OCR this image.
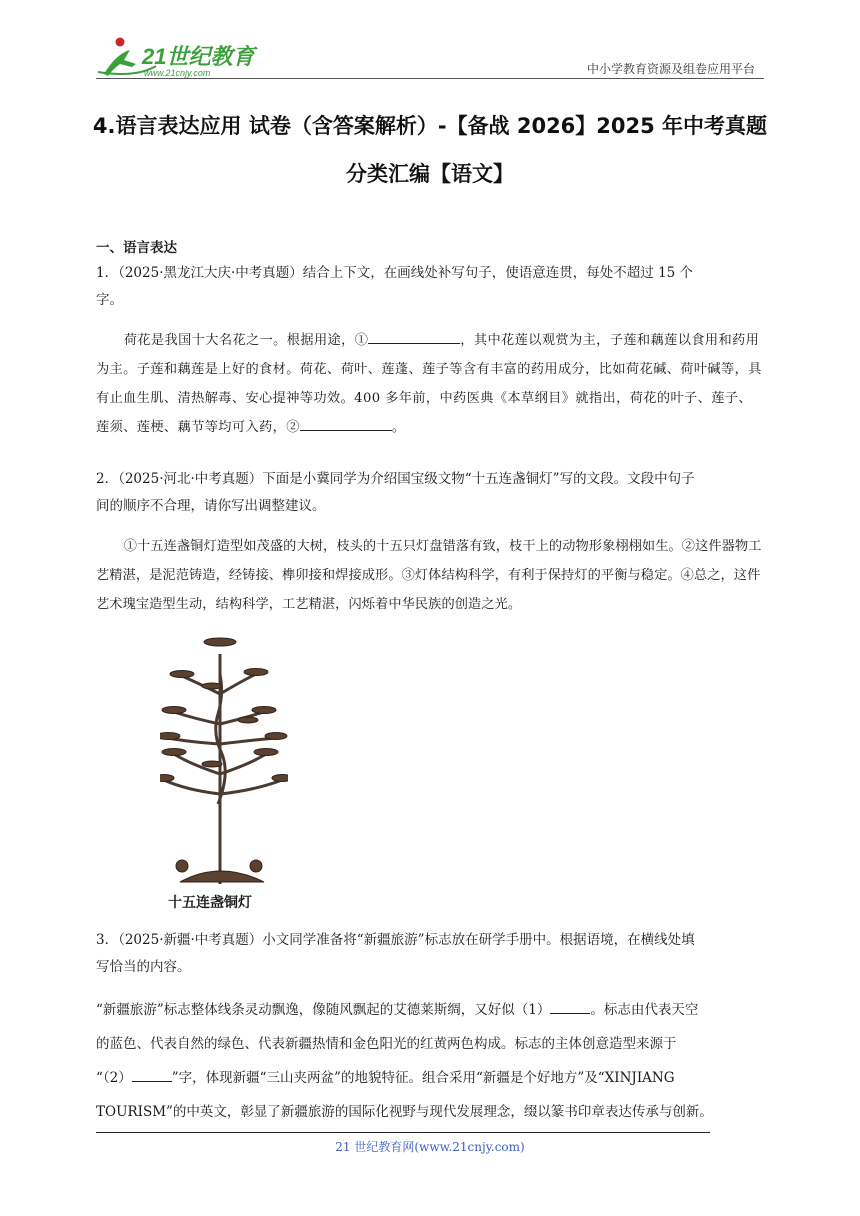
21世纪教育
www.21cnjy.com	中小学教育资源及组卷应用平台
4.语言表达应用 试卷（含答案解析）-【备战 2026】2025 年中考真题
分类汇编【语文】
一、语言表达
1．（2025·黑龙江大庆·中考真题）结合上下文，在画线处补写句子，使语意连贯，每处不超过 15 个
字。
荷花是我国十大名花之一。根据用途，①	，其中花莲以观赏为主，子莲和藕莲以食用和药用为主。子莲和藕莲是上好的食材。荷花、荷叶、莲蓬、莲子等含有丰富的药用成分，比如荷花碱、荷叶碱等，具有止血生肌、清热解毒、安心提神等功效。400 多年前，中药医典《本草纲目》就指出，荷花的叶子、莲子、莲须、莲梗、藕节等均可入药，②	。
2．（2025·河北·中考真题）下面是小冀同学为介绍国宝级文物“十五连盏铜灯”写的文段。文段中句子
间的顺序不合理，请你写出调整建议。
①十五连盏铜灯造型如茂盛的大树，枝头的十五只灯盘错落有致，枝干上的动物形象栩栩如生。②这件器物工艺精湛，是泥范铸造，经铸接、榫卯接和焊接成形。③灯体结构科学，有利于保持灯的平衡与稳定。④总之，这件艺术瑰宝造型生动，结构科学，工艺精湛，闪烁着中华民族的创造之光。
十五连盏铜灯
3．（2025·新疆·中考真题）小文同学准备将“新疆旅游”标志放在研学手册中。根据语境，在横线处填
写恰当的内容。
“新疆旅游”标志整体线条灵动飘逸，像随风飘起的艾德莱斯绸，又好似（1）	。标志由代表天空
的蓝色、代表自然的绿色、代表新疆热情和金色阳光的红黄两色构成。标志的主体创意造型来源于
“（2）	”字，体现新疆“三山夹两盆”的地貌特征。组合采用“新疆是个好地方”及“XINJIANG
TOURISM”的中英文，彰显了新疆旅游的国际化视野与现代发展理念，缀以篆书印章表达传承与创新。
21 世纪教育网(www.21cnjy.com)
